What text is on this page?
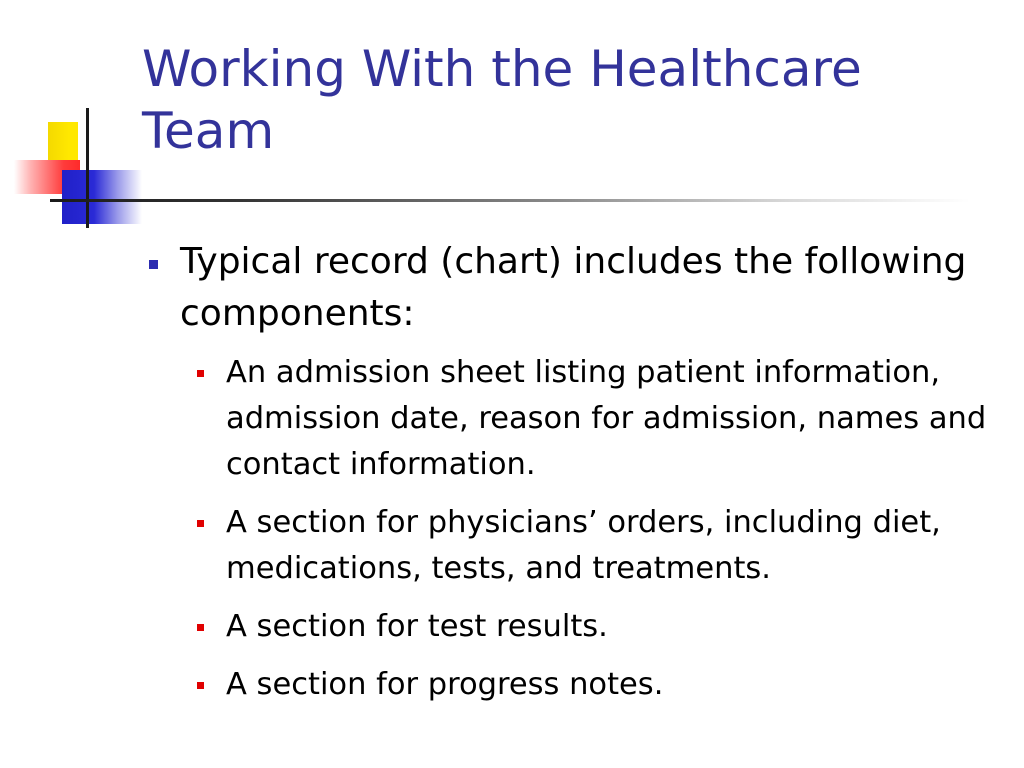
Working With the Healthcare Team
Typical record (chart) includes the following components:
An admission sheet listing patient information, admission date, reason for admission, names and contact information.
A section for physicians’ orders, including diet, medications, tests, and treatments.
A section for test results.
A section for progress notes.
